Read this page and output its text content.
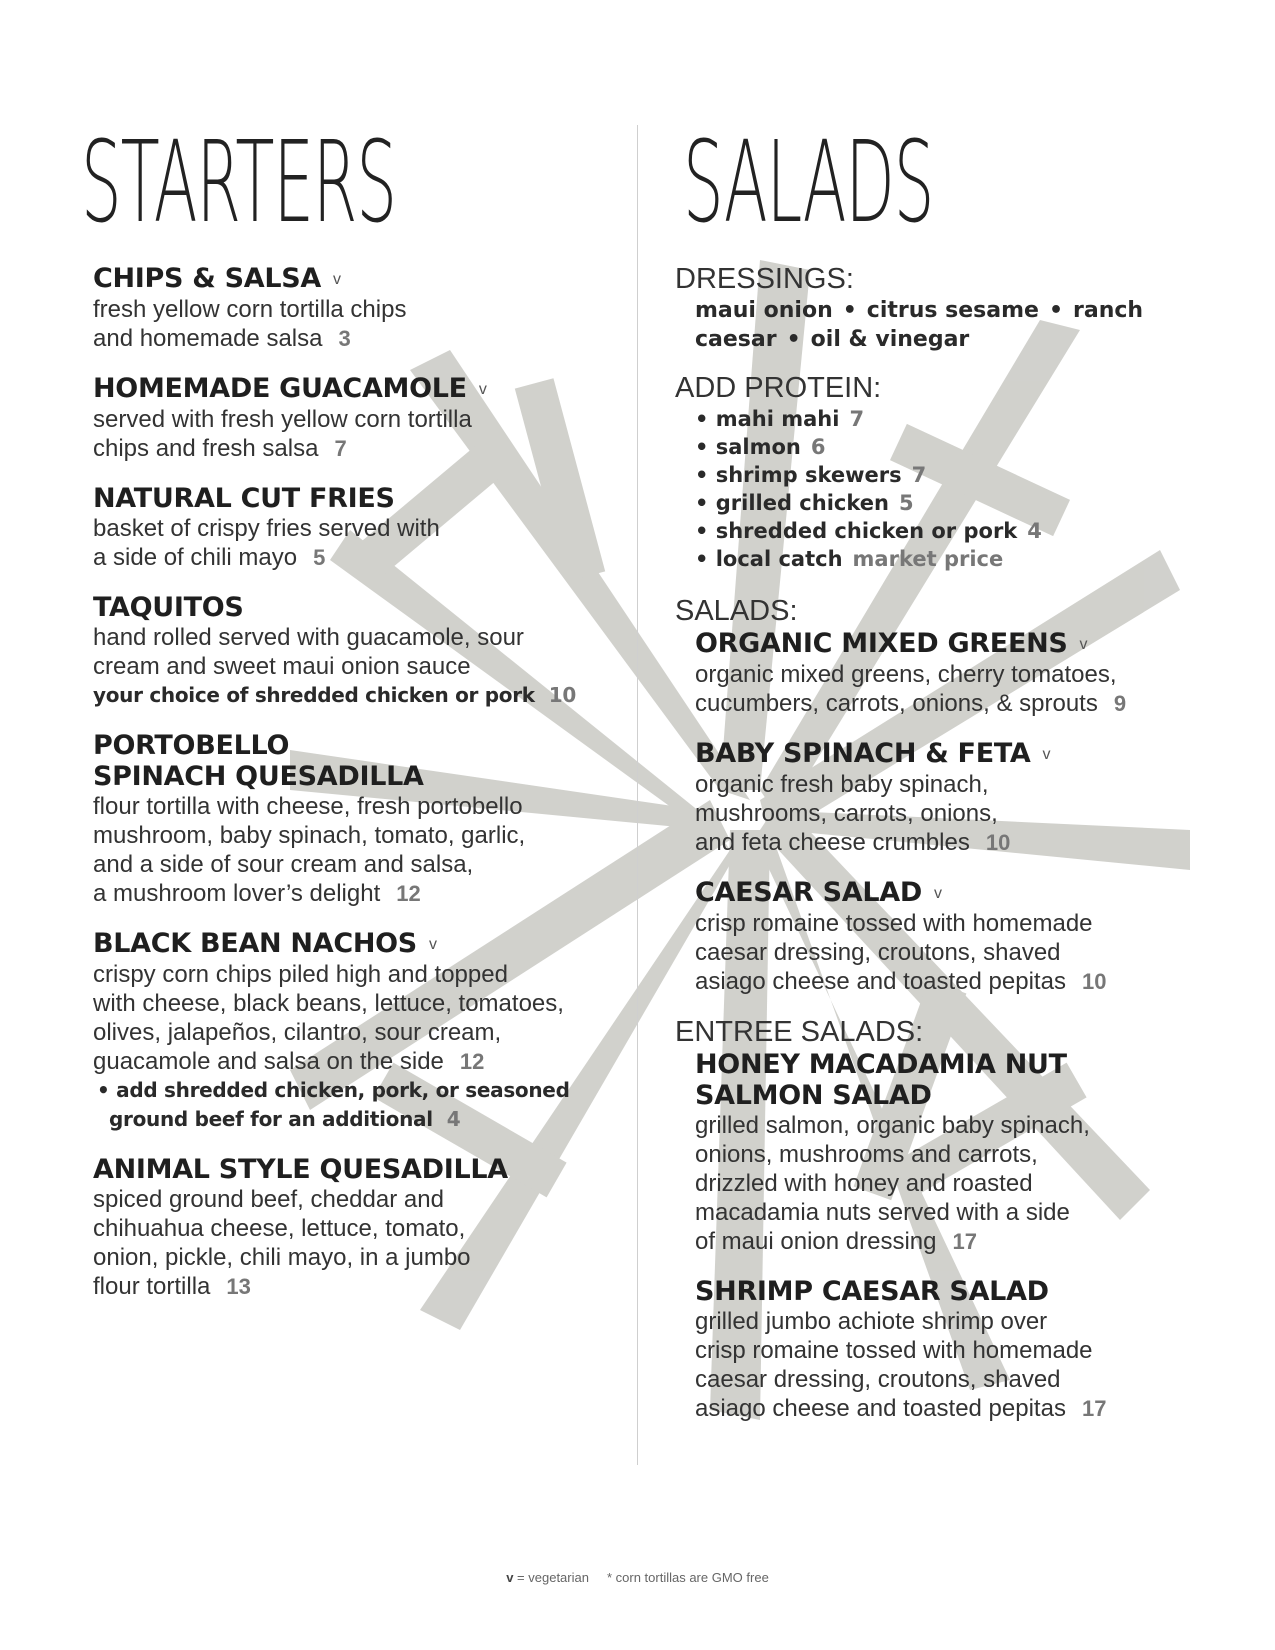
STARTERS
CHIPS & SALSA v
fresh yellow corn tortilla chips
and homemade salsa 3
HOMEMADE GUACAMOLE v
served with fresh yellow corn tortilla
chips and fresh salsa 7
NATURAL CUT FRIES
basket of crispy fries served with
a side of chili mayo 5
TAQUITOS
hand rolled served with guacamole, sour
cream and sweet maui onion sauce
your choice of shredded chicken or pork 10
PORTOBELLO
SPINACH QUESADILLA
flour tortilla with cheese, fresh portobello
mushroom, baby spinach, tomato, garlic,
and a side of sour cream and salsa,
a mushroom lover’s delight 12
BLACK BEAN NACHOS v
crispy corn chips piled high and topped
with cheese, black beans, lettuce, tomatoes,
olives, jalapeños, cilantro, sour cream,
guacamole and salsa on the side 12
• add shredded chicken, pork, or seasoned
ground beef for an additional 4
ANIMAL STYLE QUESADILLA
spiced ground beef, cheddar and
chihuahua cheese, lettuce, tomato,
onion, pickle, chili mayo, in a jumbo
flour tortilla 13
SALADS
DRESSINGS:
maui onion • citrus sesame • ranch
caesar • oil & vinegar
ADD PROTEIN:
• mahi mahi 7
• salmon 6
• shrimp skewers 7
• grilled chicken 5
• shredded chicken or pork 4
• local catch market price
SALADS:
ORGANIC MIXED GREENS v
organic mixed greens, cherry tomatoes,
cucumbers, carrots, onions, & sprouts 9
BABY SPINACH & FETA v
organic fresh baby spinach,
mushrooms, carrots, onions,
and feta cheese crumbles 10
CAESAR SALAD v
crisp romaine tossed with homemade
caesar dressing, croutons, shaved
asiago cheese and toasted pepitas 10
ENTREE SALADS:
HONEY MACADAMIA NUT
SALMON SALAD
grilled salmon, organic baby spinach,
onions, mushrooms and carrots,
drizzled with honey and roasted
macadamia nuts served with a side
of maui onion dressing 17
SHRIMP CAESAR SALAD
grilled jumbo achiote shrimp over
crisp romaine tossed with homemade
caesar dressing, croutons, shaved
asiago cheese and toasted pepitas 17
v = vegetarian * corn tortillas are GMO free
